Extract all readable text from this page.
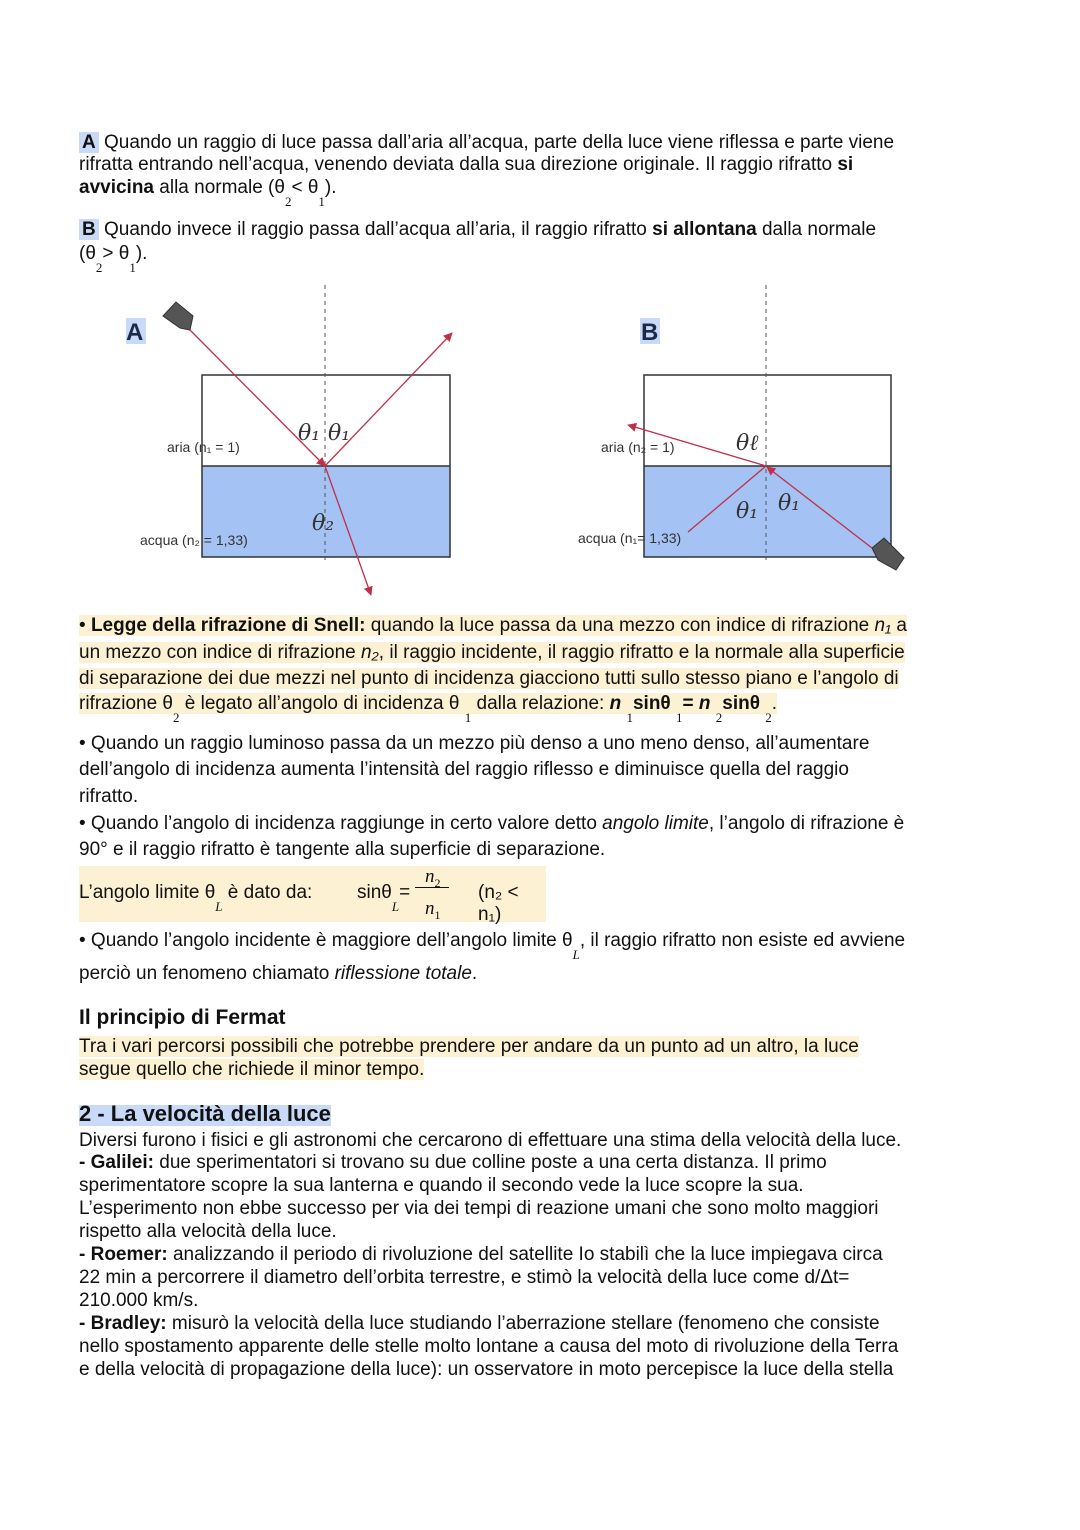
A Quando un raggio di luce passa dall’aria all’acqua, parte della luce viene riflessa e parte viene
rifratta entrando nell’acqua, venendo deviata dalla sua direzione originale. Il raggio rifratto si
avvicina alla normale $(\theta_2< \theta_1)$.
B Quando invece il raggio passa dall’acqua all’aria, il raggio rifratto si allontana dalla normale
$(\theta_2> \theta_1)$.
• Legge della rifrazione di Snell: quando la luce passa da una mezzo con indice di rifrazione n₁ a
un mezzo con indice di rifrazione n₂, il raggio incidente, il raggio rifratto e la normale alla superficie
di separazione dei due mezzi nel punto di incidenza giacciono tutti sullo stesso piano e l’angolo di
rifrazione $\theta_2$ è legato all’angolo di incidenza θ $_1$ dalla relazione: n $_1$sinθ $_1$= n $_2$sinθ $_2$.
• Quando un raggio luminoso passa da un mezzo più denso a uno meno denso, all’aumentare
dell’angolo di incidenza aumenta l’intensità del raggio riflesso e diminuisce quella del raggio
rifratto.
• Quando l’angolo di incidenza raggiunge in certo valore detto angolo limite, l’angolo di rifrazione è
90° e il raggio rifratto è tangente alla superficie di separazione.
• Quando l’angolo incidente è maggiore dell’angolo limite $\theta_L$, il raggio rifratto non esiste ed avviene
perciò un fenomeno chiamato riflessione totale.
Il principio di Fermat
Tra i vari percorsi possibili che potrebbe prendere per andare da un punto ad un altro, la luce
segue quello che richiede il minor tempo.
2 - La velocità della luce
Diversi furono i fisici e gli astronomi che cercarono di effettuare una stima della velocità della luce.
- Galilei: due sperimentatori si trovano su due colline poste a una certa distanza. Il primo
sperimentatore scopre la sua lanterna e quando il secondo vede la luce scopre la sua.
L’esperimento non ebbe successo per via dei tempi di reazione umani che sono molto maggiori
rispetto alla velocità della luce.
- Roemer: analizzando il periodo di rivoluzione del satellite Io stabilì che la luce impiegava circa
22 min a percorrere il diametro dell’orbita terrestre, e stimò la velocità della luce come d/Δt=
210.000 km/s.
- Bradley: misurò la velocità della luce studiando l’aberrazione stellare (fenomeno che consiste
nello spostamento apparente delle stelle molto lontane a causa del moto di rivoluzione della Terra
e della velocità di propagazione della luce): un osservatore in moto percepisce la luce della stella
A
aria (n₁ = 1)
acqua (n₂ = 1,33)
θ₁ θ₁
θ₂
B
aria (n₂ = 1)
acqua (n₁= 1,33)
θℓ
θ₁ θ₁
L’angolo limite $\theta_L$ è dato da: sinθ$_L$=
$n_2$
$n_1$
(n₂ < n₁)
